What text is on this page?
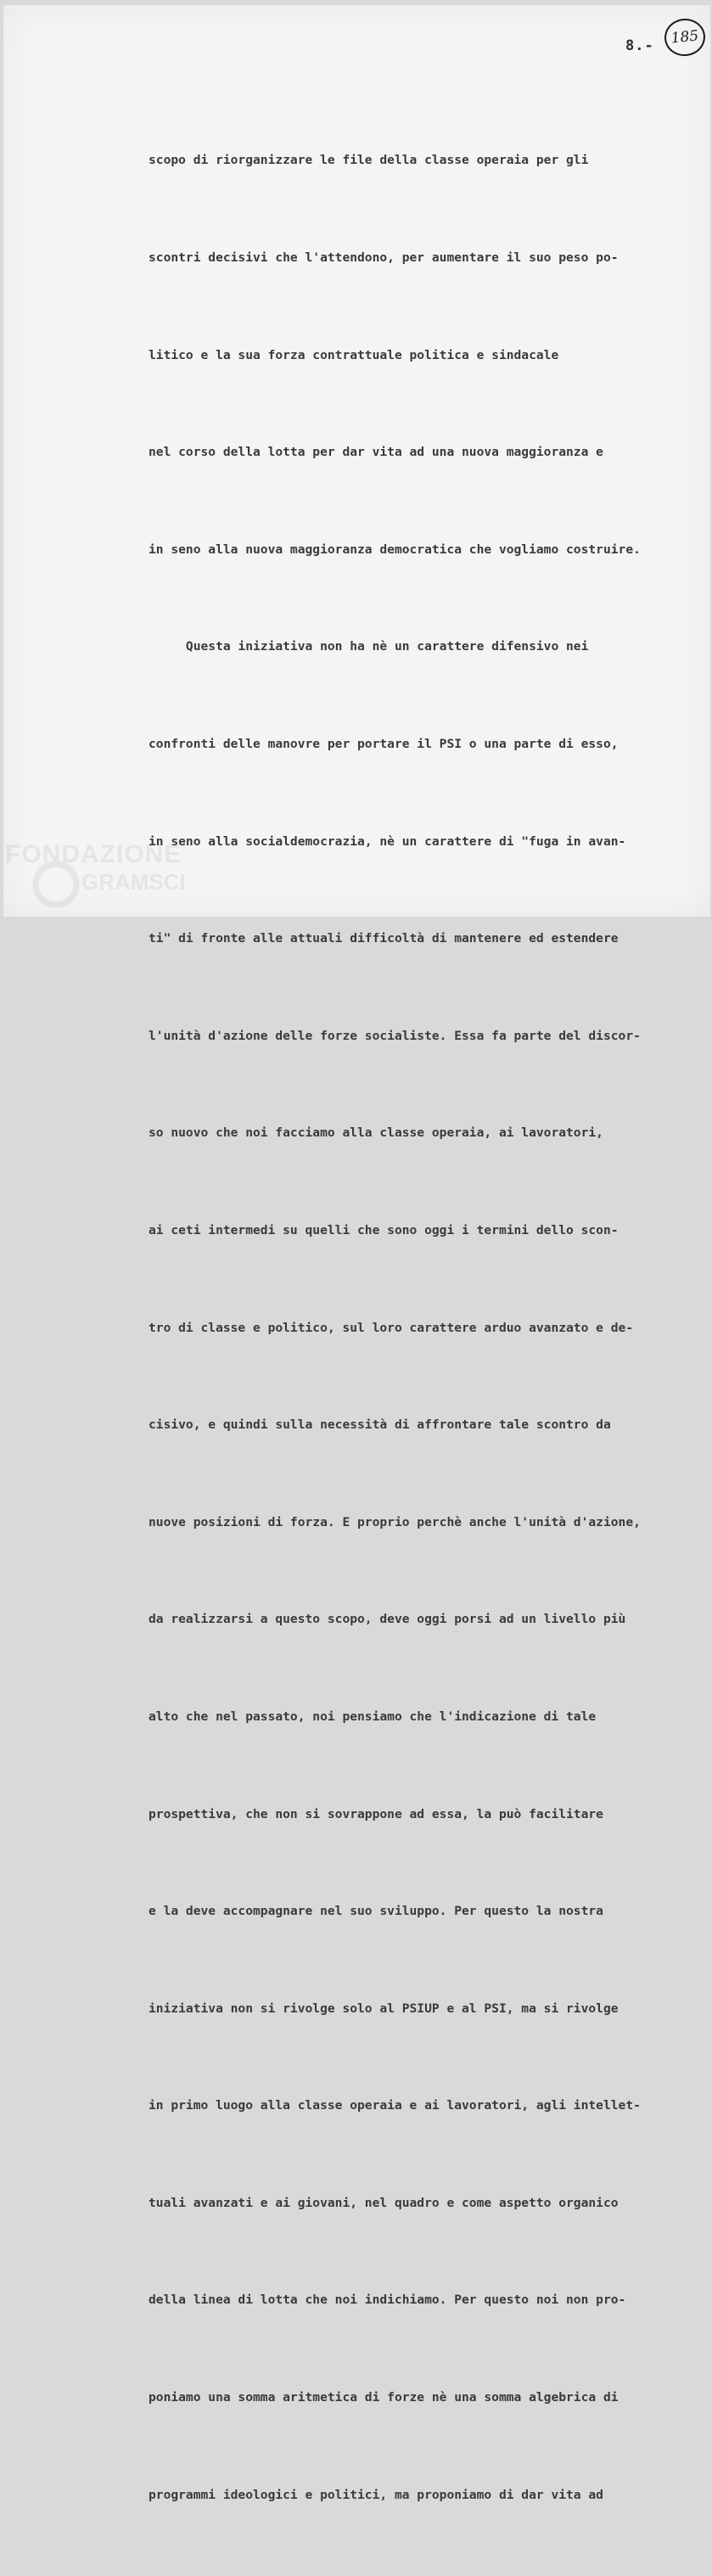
8.-	185

scopo di riorganizzare le file della classe operaia per gli

scontri decisivi che l'attendono, per aumentare il suo peso po-

litico e la sua forza contrattuale politica e sindacale

nel corso della lotta per dar vita ad una nuova maggioranza e

in seno alla nuova maggioranza democratica che vogliamo costruire.

Questa iniziativa non ha nè un carattere difensivo nei

confronti delle manovre per portare il PSI o una parte di esso,

in seno alla socialdemocrazia, nè un carattere di "fuga in avan-

ti" di fronte alle attuali difficoltà di mantenere ed estendere

l'unità d'azione delle forze socialiste. Essa fa parte del discor-

so nuovo che noi facciamo alla classe operaia, ai lavoratori,

ai ceti intermedi su quelli che sono oggi i termini dello scon-

tro di classe e politico, sul loro carattere arduo avanzato e de-

cisivo, e quindi sulla necessità di affrontare tale scontro da

nuove posizioni di forza. E proprio perchè anche l'unità d'azione,

da realizzarsi a questo scopo, deve oggi porsi ad un livello più

alto che nel passato, noi pensiamo che l'indicazione di tale

prospettiva, che non si sovrappone ad essa, la può facilitare

e la deve accompagnare nel suo sviluppo. Per questo la nostra

iniziativa non si rivolge solo al PSIUP e al PSI, ma si rivolge

in primo luogo alla classe operaia e ai lavoratori, agli intellet-

tuali avanzati e ai giovani, nel quadro e come aspetto organico

della linea di lotta che noi indichiamo. Per questo noi non pro-

poniamo una somma aritmetica di forze nè una somma algebrica di

programmi ideologici e politici, ma proponiamo di dar vita ad

FONDAZIONE
GRAMSCI
